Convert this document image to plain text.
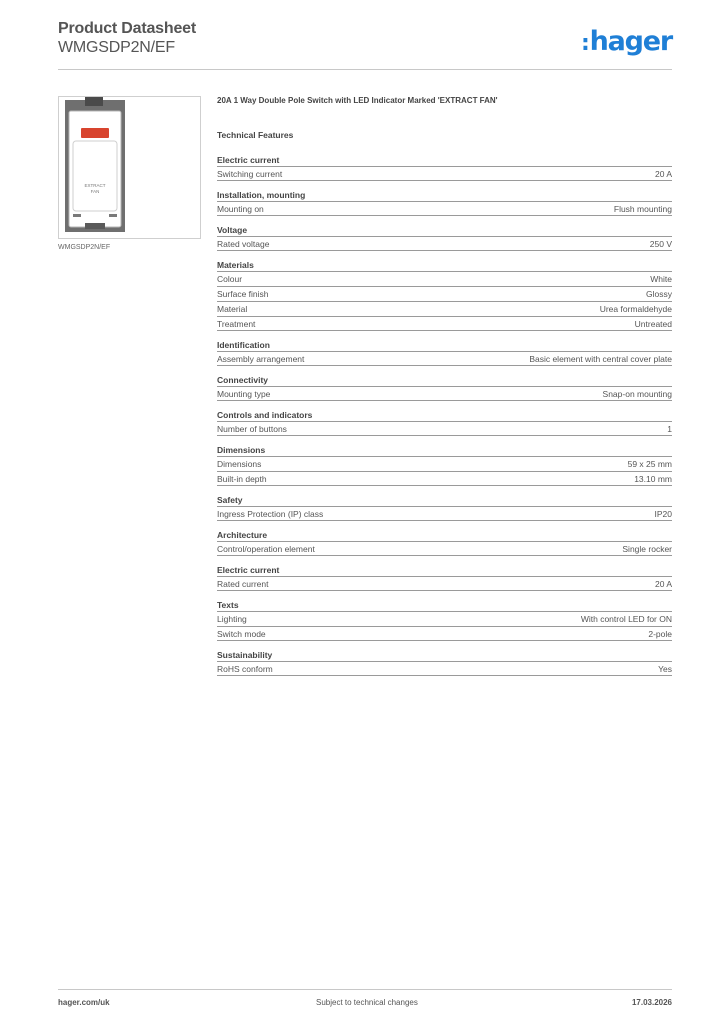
Product Datasheet
WMGSDP2N/EF	:hager
EXTRACT
FAN
WMGSDP2N/EF
20A 1 Way Double Pole Switch with LED Indicator Marked 'EXTRACT FAN'
Technical Features
Electric current
Switching current	20 A
Installation, mounting
Mounting on	Flush mounting
Voltage
Rated voltage	250 V
Materials
Colour	White
Surface finish	Glossy
Material	Urea formaldehyde
Treatment	Untreated
Identification
Assembly arrangement	Basic element with central cover plate
Connectivity
Mounting type	Snap-on mounting
Controls and indicators
Number of buttons	1
Dimensions
Dimensions	59 x 25 mm
Built-in depth	13.10 mm
Safety
Ingress Protection (IP) class	IP20
Architecture
Control/operation element	Single rocker
Electric current
Rated current	20 A
Texts
Lighting	With control LED for ON
Switch mode	2-pole
Sustainability
RoHS conform	Yes
hager.com/uk	Subject to technical changes	17.03.2026
